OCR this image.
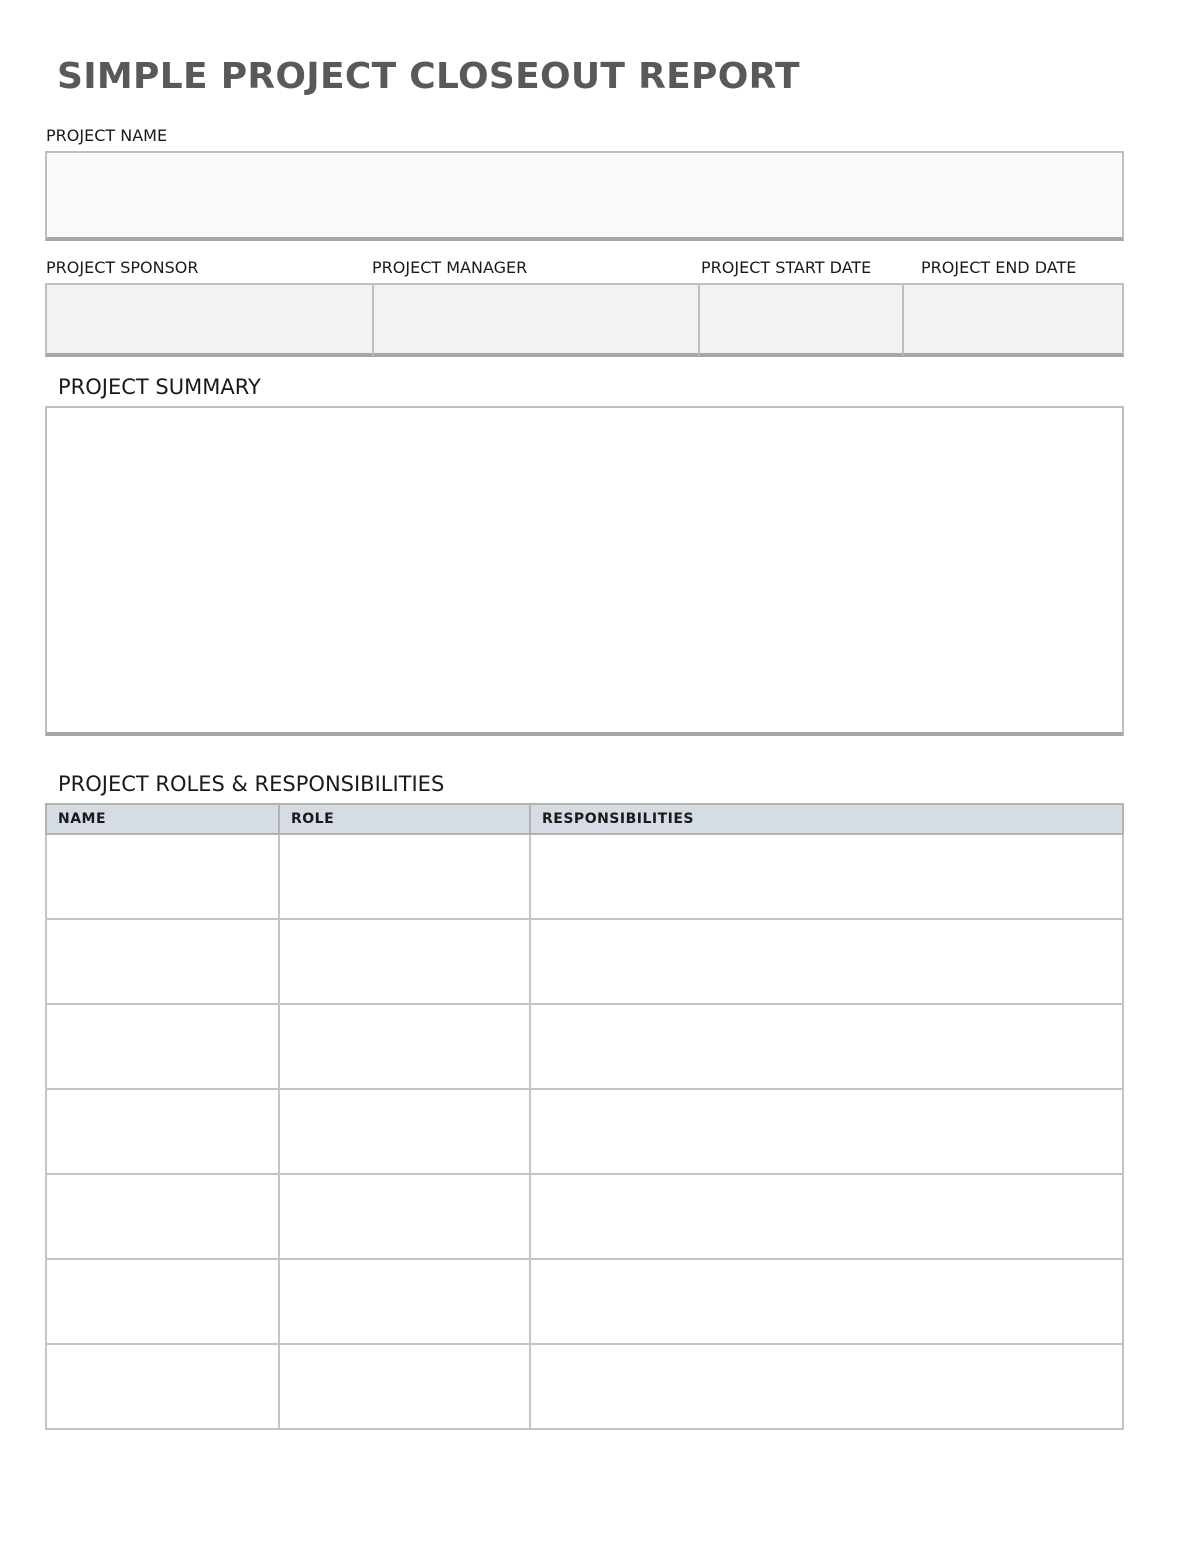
SIMPLE PROJECT CLOSEOUT REPORT
PROJECT NAME
PROJECT SPONSOR	PROJECT MANAGER	PROJECT START DATE	PROJECT END DATE
PROJECT SUMMARY
PROJECT ROLES & RESPONSIBILITIES
NAME	ROLE	RESPONSIBILITIES
